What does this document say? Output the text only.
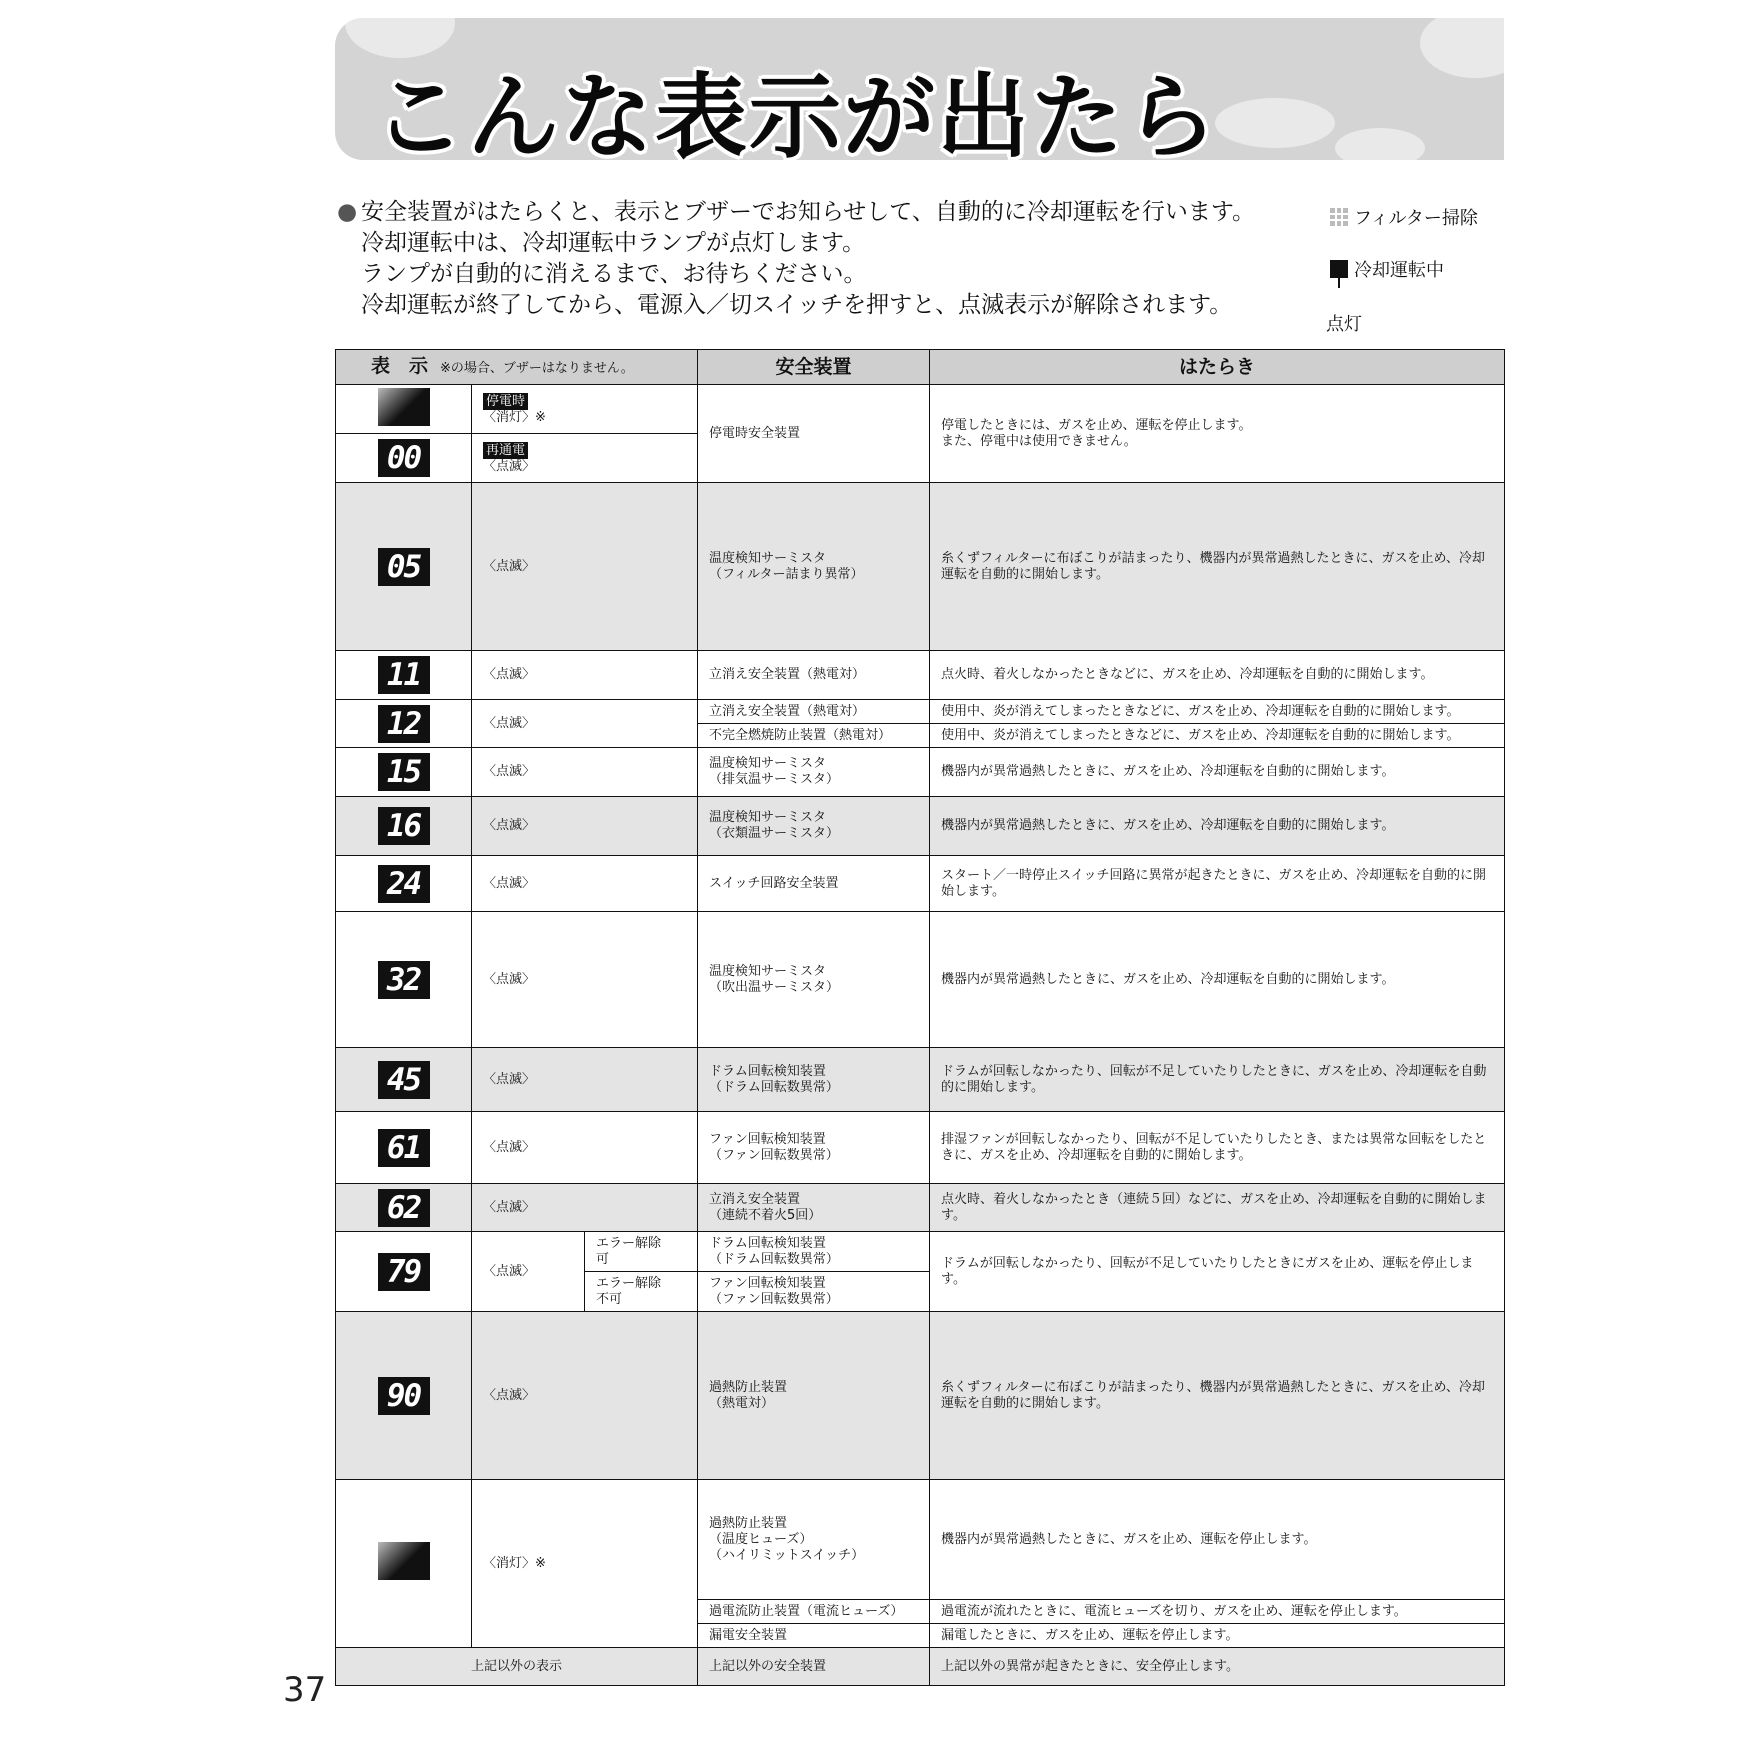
こんな表示が出たら
● 安全装置がはたらくと、表示とブザーでお知らせして、自動的に冷却運転を行います。
冷却運転中は、冷却運転中ランプが点灯します。
ランプが自動的に消えるまで、お待ちください。
冷却運転が終了してから、電源入／切スイッチを押すと、点滅表示が解除されます。
フィルター掃除
冷却運転中
点灯
表　示 ※の場合、ブザーはなりません。			安全装置	はたらき
	停電時
〈消灯〉※		停電時安全装置	停電したときには、ガスを止め、運転を停止します。
また、停電中は使用できません。
00	再通電
〈点滅〉			
05	〈点滅〉		温度検知サーミスタ
（フィルター詰まり異常）	糸くずフィルターに布ぼこりが詰まったり、機器内が異常過熱したときに、ガスを止め、冷却運転を自動的に開始します。
11	〈点滅〉		立消え安全装置（熱電対）	点火時、着火しなかったときなどに、ガスを止め、冷却運転を自動的に開始します。
12	〈点滅〉		立消え安全装置（熱電対）	使用中、炎が消えてしまったときなどに、ガスを止め、冷却運転を自動的に開始します。
			不完全燃焼防止装置（熱電対）	使用中、炎が消えてしまったときなどに、ガスを止め、冷却運転を自動的に開始します。
15	〈点滅〉		温度検知サーミスタ
（排気温サーミスタ）	機器内が異常過熱したときに、ガスを止め、冷却運転を自動的に開始します。
16	〈点滅〉		温度検知サーミスタ
（衣類温サーミスタ）	機器内が異常過熱したときに、ガスを止め、冷却運転を自動的に開始します。
24	〈点滅〉		スイッチ回路安全装置	スタート／一時停止スイッチ回路に異常が起きたときに、ガスを止め、冷却運転を自動的に開始します。
32	〈点滅〉		温度検知サーミスタ
（吹出温サーミスタ）	機器内が異常過熱したときに、ガスを止め、冷却運転を自動的に開始します。
45	〈点滅〉		ドラム回転検知装置
（ドラム回転数異常）	ドラムが回転しなかったり、回転が不足していたりしたときに、ガスを止め、冷却運転を自動的に開始します。
61	〈点滅〉		ファン回転検知装置
（ファン回転数異常）	排湿ファンが回転しなかったり、回転が不足していたりしたとき、または異常な回転をしたときに、ガスを止め、冷却運転を自動的に開始します。
62	〈点滅〉		立消え安全装置
（連続不着火5回）	点火時、着火しなかったとき（連続５回）などに、ガスを止め、冷却運転を自動的に開始します。
79	〈点滅〉	エラー解除
可	ドラム回転検知装置
（ドラム回転数異常）	ドラムが回転しなかったり、回転が不足していたりしたときにガスを止め、運転を停止します。
		エラー解除
不可	ファン回転検知装置
（ファン回転数異常）	
90	〈点滅〉		過熱防止装置
（熱電対）	糸くずフィルターに布ぼこりが詰まったり、機器内が異常過熱したときに、ガスを止め、冷却運転を自動的に開始します。
	〈消灯〉※		過熱防止装置
（温度ヒューズ）
（ハイリミットスイッチ）	機器内が異常過熱したときに、ガスを止め、運転を停止します。
			過電流防止装置（電流ヒューズ）	過電流が流れたときに、電流ヒューズを切り、ガスを止め、運転を停止します。
			漏電安全装置	漏電したときに、ガスを止め、運転を停止します。
上記以外の表示			上記以外の安全装置	上記以外の異常が起きたときに、安全停止します。
37
